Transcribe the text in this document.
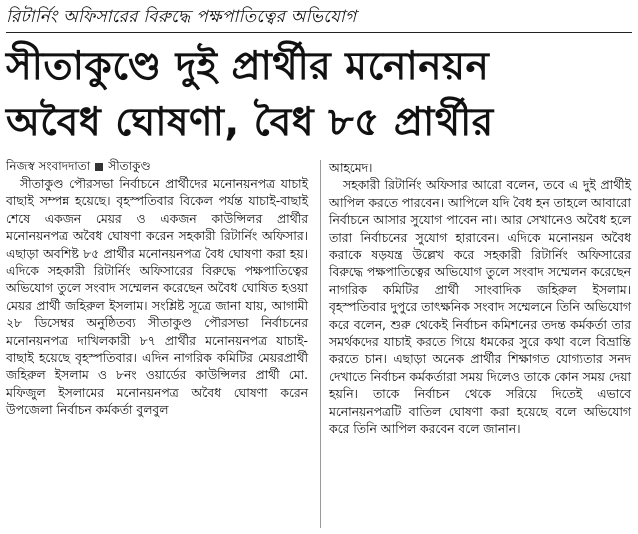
রিটার্নিং অফিসারের বিরুদ্ধে পক্ষপাতিত্বের অভিযোগ
সীতাকুণ্ডে দুই প্রার্থীর মনোনয়ন
অবৈধ ঘোষণা, বৈধ ৮৫ প্রার্থীর
নিজস্ব সংবাদদাতা সীতাকুণ্ড

সীতাকুণ্ড পৌরসভা নির্বাচনে প্রার্থীদের মনোনয়নপত্র যাচাই বাছাই সম্পন্ন হয়েছে। বৃহস্পতিবার বিকেল পর্যন্ত যাচাই-বাছাই শেষে একজন মেয়র ও একজন কাউন্সিলর প্রার্থীর মনোনয়নপত্র অবৈধ ঘোষণা করেন সহকারী রিটার্নিং অফিসার। এছাড়া অবশিষ্ট ৮৫ প্রার্থীর মনোনয়নপত্র বৈধ ঘোষণা করা হয়। এদিকে সহকারী রিটার্নিং অফিসারের বিরুদ্ধে পক্ষপাতিত্বের অভিযোগ তুলে সংবাদ সম্মেলন করেছেন অবৈধ ঘোষিত হওয়া মেয়র প্রার্থী জহিরুল ইসলাম। সংশ্লিষ্ট সূত্রে জানা যায়, আগামী ২৮ ডিসেম্বর অনুষ্ঠিতব্য সীতাকুণ্ড পৌরসভা নির্বাচনের মনোনয়নপত্র দাখিলকারী ৮৭ প্রার্থীর মনোনয়নপত্র যাচাই-বাছাই হয়েছে বৃহস্পতিবার। এদিন নাগরিক কমিটির মেয়রপ্রার্থী জহিরুল ইসলাম ও ৮নং ওয়ার্ডের কাউন্সিলর প্রার্থী মো. মফিজুল ইসলামের মনোনয়নপত্র অবৈধ ঘোষণা করেন উপজেলা নির্বাচন কর্মকর্তা বুলবুল

আহমেদ।

সহকারী রিটার্নিং অফিসার আরো বলেন, তবে এ দুই প্রার্থীই আপিল করতে পারবেন। আপিলে যদি বৈধ হন তাহলে আবারো নির্বাচনে আসার সুযোগ পাবেন না। আর সেখানেও অবৈধ হলে তারা নির্বাচনের সুযোগ হারাবেন। এদিকে মনোনয়ন অবৈধ করাকে ষড়যন্ত্র উল্লেখ করে সহকারী রিটার্নিং অফিসারের বিরুদ্ধে পক্ষপাতিত্বের অভিযোগ তুলে সংবাদ সম্মেলন করেছেন নাগরিক কমিটির প্রার্থী সাংবাদিক জহিরুল ইসলাম। বৃহস্পতিবার দুপুরে তাৎক্ষনিক সংবাদ সম্মেলনে তিনি অভিযোগ করে বলেন, শুরু থেকেই নির্বাচন কমিশনের তদন্ত কর্মকর্তা তার সমর্থকদের যাচাই করতে গিয়ে ধমকের সুরে কথা বলে বিভ্রান্তি করতে চান। এছাড়া অনেক প্রার্থীর শিক্ষাগত যোগ্যতার সনদ দেখাতে নির্বাচন কর্মকর্তারা সময় দিলেও তাকে কোন সময় দেয়া হয়নি। তাকে নির্বাচন থেকে সরিয়ে দিতেই এভাবে মনোনয়নপত্রটি বাতিল ঘোষণা করা হয়েছে বলে অভিযোগ করে তিনি আপিল করবেন বলে জানান।
